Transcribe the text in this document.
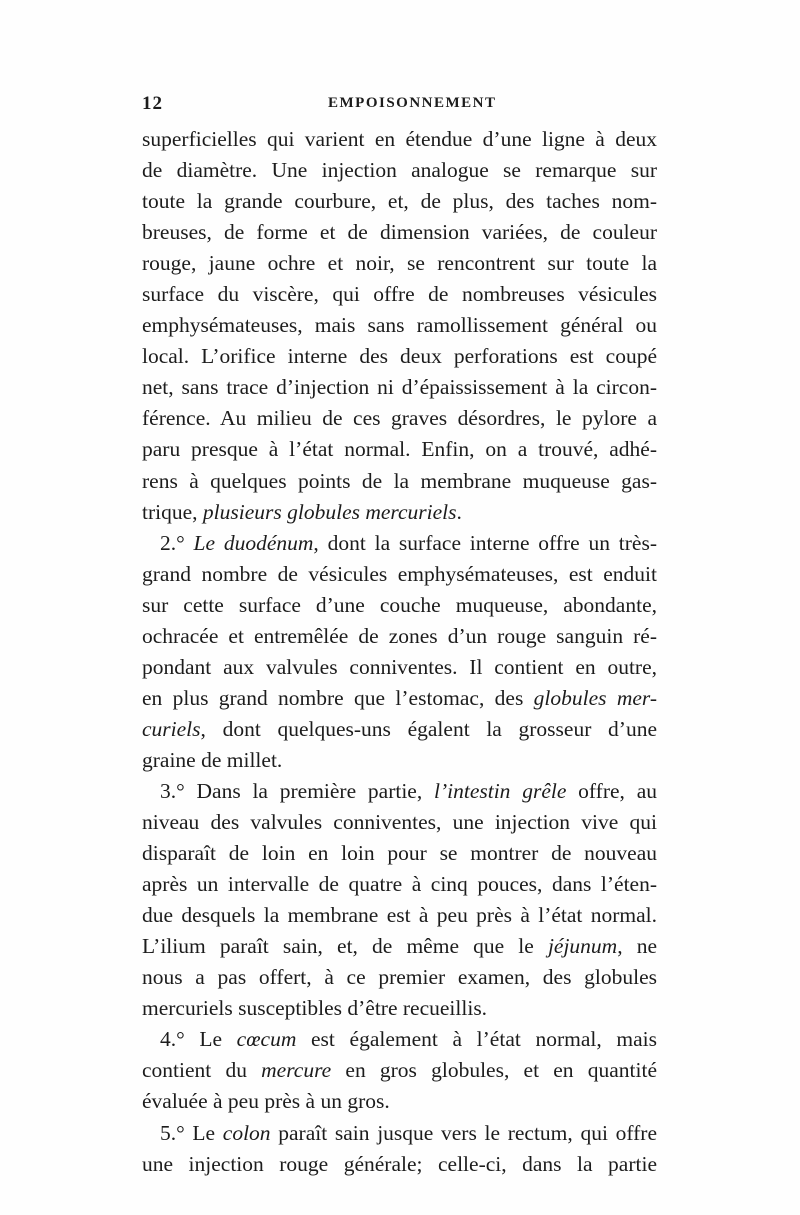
12	EMPOISONNEMENT
superficielles qui varient en étendue d’une ligne à deux
de diamètre. Une injection analogue se remarque sur
toute la grande courbure, et, de plus, des taches nom-
breuses, de forme et de dimension variées, de couleur
rouge, jaune ochre et noir, se rencontrent sur toute la
surface du viscère, qui offre de nombreuses vésicules
emphysémateuses, mais sans ramollissement général ou
local. L’orifice interne des deux perforations est coupé
net, sans trace d’injection ni d’épaississement à la circon-
férence. Au milieu de ces graves désordres, le pylore a
paru presque à l’état normal. Enfin, on a trouvé, adhé-
rens à quelques points de la membrane muqueuse gas-
trique, plusieurs globules mercuriels.
2.° Le duodénum, dont la surface interne offre un très-
grand nombre de vésicules emphysémateuses, est enduit
sur cette surface d’une couche muqueuse, abondante,
ochracée et entremêlée de zones d’un rouge sanguin ré-
pondant aux valvules conniventes. Il contient en outre,
en plus grand nombre que l’estomac, des globules mer-
curiels, dont quelques-uns égalent la grosseur d’une
graine de millet.
3.° Dans la première partie, l’intestin grêle offre, au
niveau des valvules conniventes, une injection vive qui
disparaît de loin en loin pour se montrer de nouveau
après un intervalle de quatre à cinq pouces, dans l’éten-
due desquels la membrane est à peu près à l’état normal.
L’ilium paraît sain, et, de même que le jéjunum, ne
nous a pas offert, à ce premier examen, des globules
mercuriels susceptibles d’être recueillis.
4.° Le cœcum est également à l’état normal, mais
contient du mercure en gros globules, et en quantité
évaluée à peu près à un gros.
5.° Le colon paraît sain jusque vers le rectum, qui offre
une injection rouge générale; celle-ci, dans la partie
